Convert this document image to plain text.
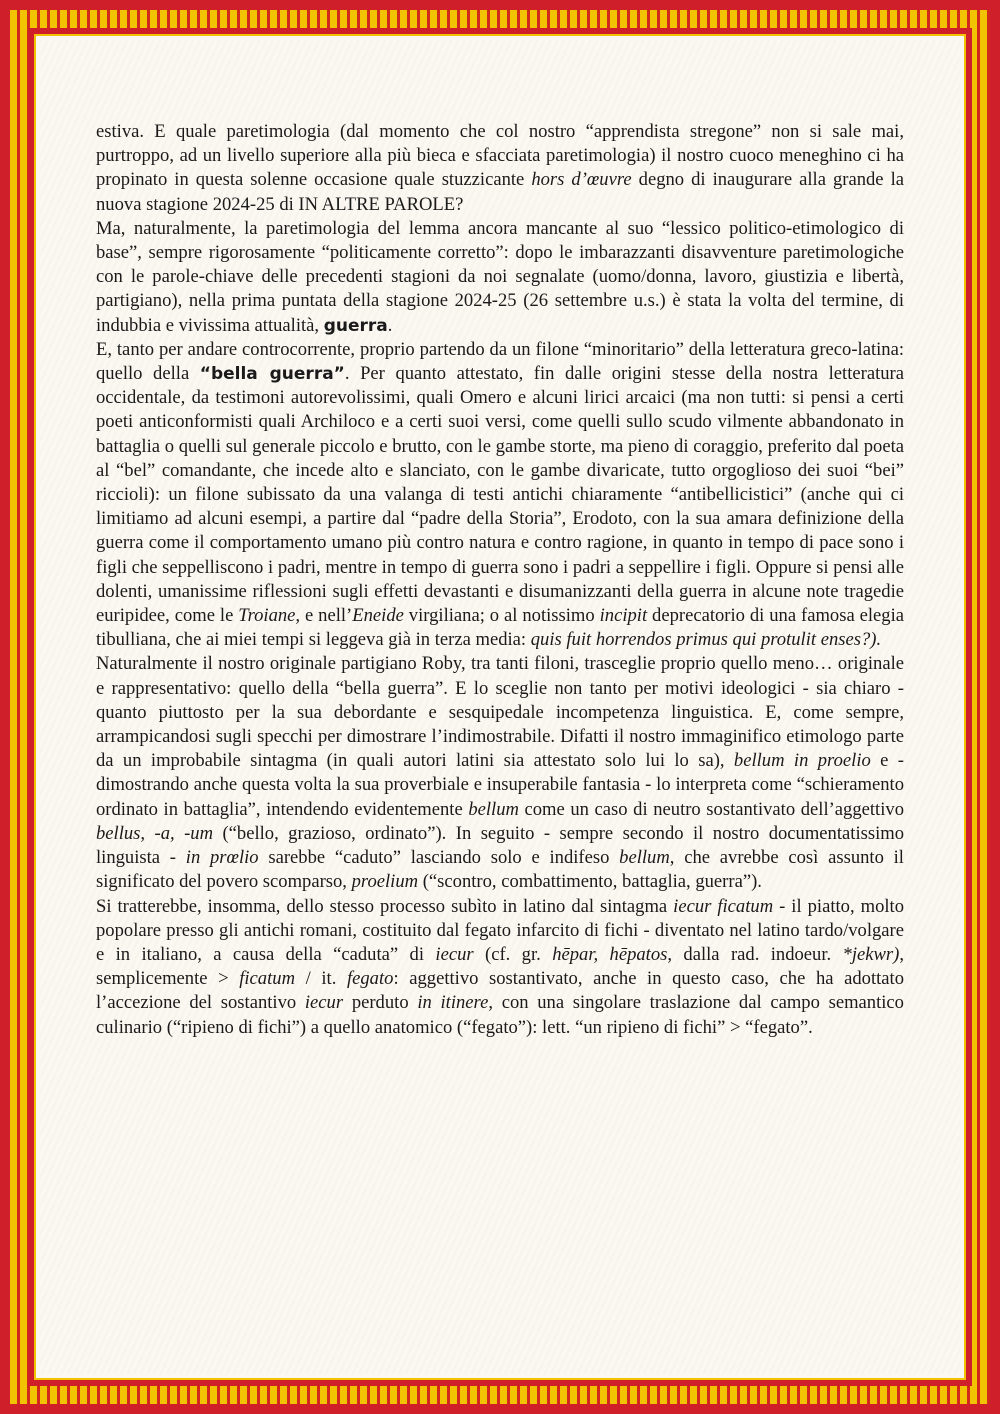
estiva. E quale paretimologia (dal momento che col nostro “apprendista stregone” non si sale mai, purtroppo, ad un livello superiore alla più bieca e sfacciata paretimologia) il nostro cuoco meneghino ci ha propinato in questa solenne occasione quale stuzzicante hors d’œuvre degno di inaugurare alla grande la nuova stagione 2024-25 di IN ALTRE PAROLE?

Ma, naturalmente, la paretimologia del lemma ancora mancante al suo “lessico politico-etimologico di base”, sempre rigorosamente “politicamente corretto”: dopo le imbarazzanti disavventure paretimologiche con le parole-chiave delle precedenti stagioni da noi segnalate (uomo/donna, lavoro, giustizia e libertà, partigiano), nella prima puntata della stagione 2024-25 (26 settembre u.s.) è stata la volta del termine, di indubbia e vivissima attualità, guerra.

E, tanto per andare controcorrente, proprio partendo da un filone “minoritario” della letteratura greco-latina: quello della “bella guerra”. Per quanto attestato, fin dalle origini stesse della nostra letteratura occidentale, da testimoni autorevolissimi, quali Omero e alcuni lirici arcaici (ma non tutti: si pensi a certi poeti anticonformisti quali Archiloco e a certi suoi versi, come quelli sullo scudo vilmente abbandonato in battaglia o quelli sul generale piccolo e brutto, con le gambe storte, ma pieno di coraggio, preferito dal poeta al “bel” comandante, che incede alto e slanciato, con le gambe divaricate, tutto orgoglioso dei suoi “bei” riccioli): un filone subissato da una valanga di testi antichi chiaramente “antibellicistici” (anche qui ci limitiamo ad alcuni esempi, a partire dal “padre della Storia”, Erodoto, con la sua amara definizione della guerra come il comportamento umano più contro natura e contro ragione, in quanto in tempo di pace sono i figli che seppelliscono i padri, mentre in tempo di guerra sono i padri a seppellire i figli. Oppure si pensi alle dolenti, umanissime riflessioni sugli effetti devastanti e disumanizzanti della guerra in alcune note tragedie euripidee, come le Troiane, e nell’Eneide virgiliana; o al notissimo incipit deprecatorio di una famosa elegia tibulliana, che ai miei tempi si leggeva già in terza media: quis fuit horrendos primus qui protulit enses?).

Naturalmente il nostro originale partigiano Roby, tra tanti filoni, trasceglie proprio quello meno… originale e rappresentativo: quello della “bella guerra”. E lo sceglie non tanto per motivi ideologici - sia chiaro - quanto piuttosto per la sua debordante e sesquipedale incompetenza linguistica. E, come sempre, arrampicandosi sugli specchi per dimostrare l’indimostrabile. Difatti il nostro immaginifico etimologo parte da un improbabile sintagma (in quali autori latini sia attestato solo lui lo sa), bellum in proelio e - dimostrando anche questa volta la sua proverbiale e insuperabile fantasia - lo interpreta come “schieramento ordinato in battaglia”, intendendo evidentemente bellum come un caso di neutro sostantivato dell’aggettivo bellus, -a, -um (“bello, grazioso, ordinato”). In seguito - sempre secondo il nostro documentatissimo linguista - in prœlio sarebbe “caduto” lasciando solo e indifeso bellum, che avrebbe così assunto il significato del povero scomparso, proelium (“scontro, combattimento, battaglia, guerra”).

Si tratterebbe, insomma, dello stesso processo subìto in latino dal sintagma iecur ficatum - il piatto, molto popolare presso gli antichi romani, costituito dal fegato infarcito di fichi - diventato nel latino tardo/volgare e in italiano, a causa della “caduta” di iecur (cf. gr. hēpar, hēpatos, dalla rad. indoeur. *jekwr), semplicemente > ficatum / it. fegato: aggettivo sostantivato, anche in questo caso, che ha adottato l’accezione del sostantivo iecur perduto in itinere, con una singolare traslazione dal campo semantico culinario (“ripieno di fichi”) a quello anatomico (“fegato”): lett. “un ripieno di fichi” > “fegato”.
